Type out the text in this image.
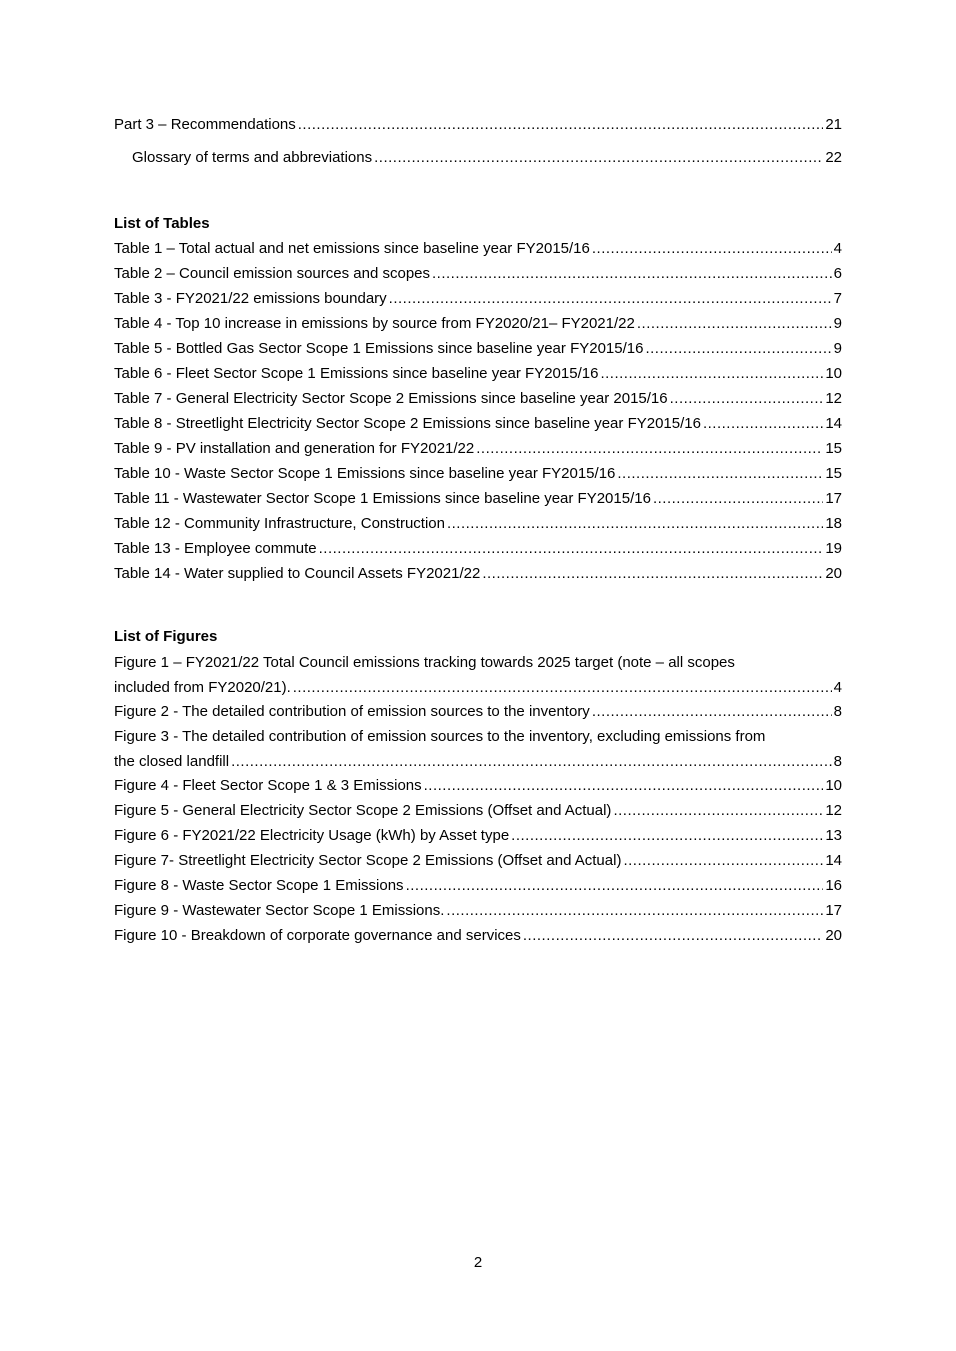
Part 3 – Recommendations .....	21
Glossary of terms and abbreviations .....	22
List of Tables
Table 1 – Total actual and net emissions since baseline year FY2015/16 .....	4
Table 2 – Council emission sources and scopes .....	6
Table 3 - FY2021/22 emissions boundary .....	7
Table 4 - Top 10 increase in emissions by source from FY2020/21– FY2021/22 .....	9
Table 5 - Bottled Gas Sector Scope 1 Emissions since baseline year FY2015/16 .....	9
Table 6 - Fleet Sector Scope 1 Emissions since baseline year FY2015/16 .....	10
Table 7 - General Electricity Sector Scope 2 Emissions since baseline year 2015/16 .....	12
Table 8 - Streetlight Electricity Sector Scope 2 Emissions since baseline year FY2015/16 .....	14
Table 9 - PV installation and generation for FY2021/22 .....	15
Table 10 - Waste Sector Scope 1 Emissions since baseline year FY2015/16 .....	15
Table 11 - Wastewater Sector Scope 1 Emissions since baseline year FY2015/16 .....	17
Table 12 - Community Infrastructure, Construction .....	18
Table 13 - Employee commute .....	19
Table 14 - Water supplied to Council Assets FY2021/22 .....	20
List of Figures
Figure 1 – FY2021/22 Total Council emissions tracking towards 2025 target (note – all scopes
included from FY2020/21). .....	4
Figure 2 - The detailed contribution of emission sources to the inventory .....	8
Figure 3 - The detailed contribution of emission sources to the inventory, excluding emissions from
the closed landfill .....	8
Figure 4 - Fleet Sector Scope 1 & 3 Emissions .....	10
Figure 5 - General Electricity Sector Scope 2 Emissions (Offset and Actual) .....	12
Figure 6 - FY2021/22 Electricity Usage (kWh) by Asset type .....	13
Figure 7- Streetlight Electricity Sector Scope 2 Emissions (Offset and Actual) .....	14
Figure 8 - Waste Sector Scope 1 Emissions .....	16
Figure 9 - Wastewater Sector Scope 1 Emissions. .....	17
Figure 10 - Breakdown of corporate governance and services .....	20
2
